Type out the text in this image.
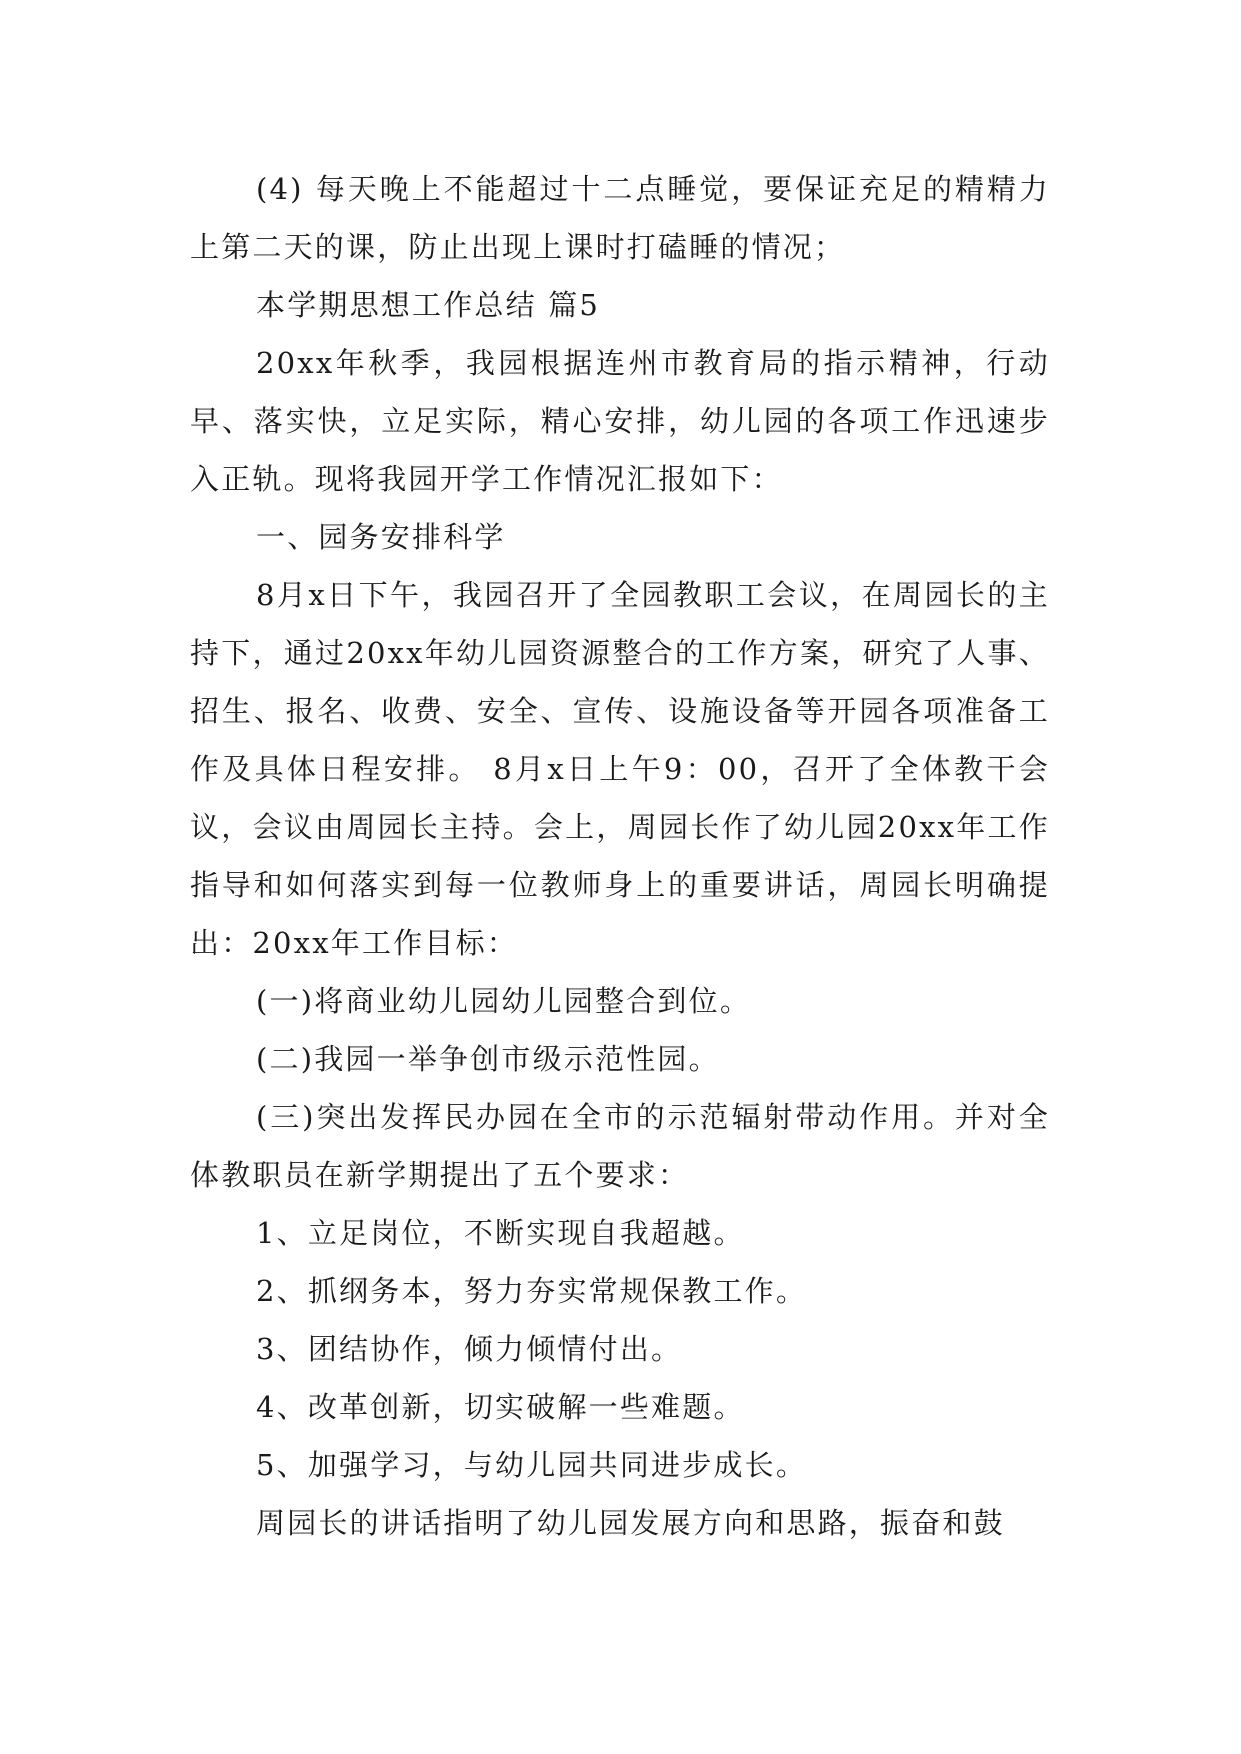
(4) 每天晚上不能超过十二点睡觉，要保证充足的精精力上第二天的课，防止出现上课时打磕睡的情况；

本学期思想工作总结 篇5

20xx年秋季，我园根据连州市教育局的指示精神，行动早、落实快，立足实际，精心安排，幼儿园的各项工作迅速步入正轨。现将我园开学工作情况汇报如下：

一、园务安排科学

8月x日下午，我园召开了全园教职工会议，在周园长的主持下，通过20xx年幼儿园资源整合的工作方案，研究了人事、招生、报名、收费、安全、宣传、设施设备等开园各项准备工作及具体日程安排。 8月x日上午9：00，召开了全体教干会议，会议由周园长主持。会上，周园长作了幼儿园20xx年工作指导和如何落实到每一位教师身上的重要讲话，周园长明确提出：20xx年工作目标：

(一)将商业幼儿园幼儿园整合到位。

(二)我园一举争创市级示范性园。

(三)突出发挥民办园在全市的示范辐射带动作用。并对全体教职员在新学期提出了五个要求：

1、立足岗位，不断实现自我超越。

2、抓纲务本，努力夯实常规保教工作。

3、团结协作，倾力倾情付出。

4、改革创新，切实破解一些难题。

5、加强学习，与幼儿园共同进步成长。

周园长的讲话指明了幼儿园发展方向和思路，振奋和鼓
